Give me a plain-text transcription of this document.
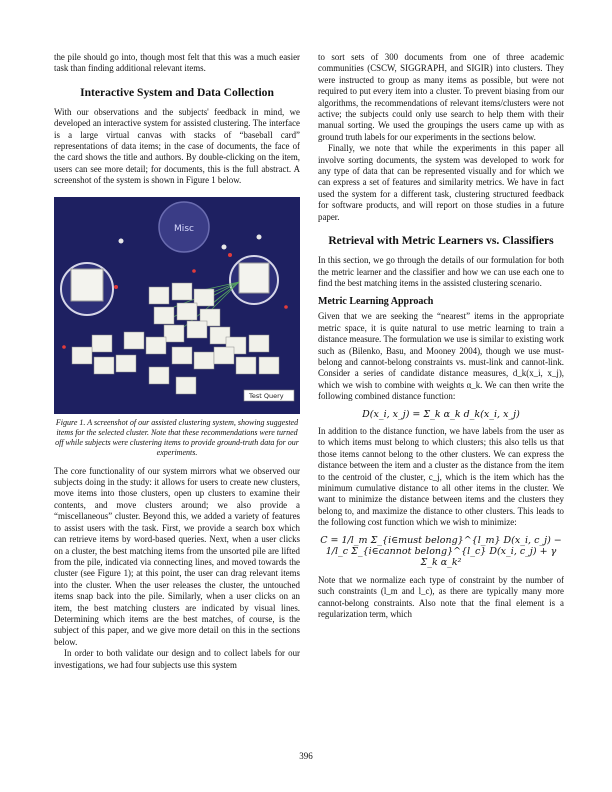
the pile should go into, though most felt that this was a much easier task than finding additional relevant items.

Interactive System and Data Collection

With our observations and the subjects' feedback in mind, we developed an interactive system for assisted clustering. The interface is a large virtual canvas with stacks of “baseball card” representations of data items; in the case of documents, the face of the card shows the title and authors. By double-clicking on the item, users can see more detail; for documents, this is the full abstract. A screenshot of the system is shown in Figure 1 below.

Misc
Test Query

Figure 1. A screenshot of our assisted clustering system, showing suggested items for the selected cluster. Note that these recommendations were turned off while subjects were clustering items to provide ground-truth data for our experiments.

The core functionality of our system mirrors what we observed our subjects doing in the study: it allows for users to create new clusters, move items into those clusters, open up clusters to examine their contents, and move clusters around; we also provide a “miscellaneous” cluster. Beyond this, we added a variety of features to assist users with the task. First, we provide a search box which can retrieve items by word-based queries. Next, when a user clicks on a cluster, the best matching items from the unsorted pile are lifted from the pile, indicated via connecting lines, and moved towards the cluster (see Figure 1); at this point, the user can drag relevant items into the cluster. When the user releases the cluster, the untouched items snap back into the pile. Similarly, when a user clicks on an item, the best matching clusters are indicated by visual lines. Determining which items are the best matches, of course, is the subject of this paper, and we give more detail on this in the sections below.

In order to both validate our design and to collect labels for our investigations, we had four subjects use this system

to sort sets of 300 documents from one of three academic communities (CSCW, SIGGRAPH, and SIGIR) into clusters. They were instructed to group as many items as possible, but were not required to put every item into a cluster. To prevent biasing from our algorithms, the recommendations of relevant items/clusters were not active; the subjects could only use search to help them with their manual sorting. We used the groupings the users came up with as ground truth labels for our experiments in the sections below.

Finally, we note that while the experiments in this paper all involve sorting documents, the system was developed to work for any type of data that can be represented visually and for which we can express a set of features and similarity metrics. We have in fact used the system for a different task, clustering structured feedback for software products, and will report on those studies in a future paper.

Retrieval with Metric Learners vs. Classifiers

In this section, we go through the details of our formulation for both the metric learner and the classifier and how we can use each one to find the best matching items in the assisted clustering scenario.

Metric Learning Approach

Given that we are seeking the “nearest” items in the appropriate metric space, it is quite natural to use metric learning to train a distance measure. The formulation we use is similar to existing work such as (Bilenko, Basu, and Mooney 2004), though we use must-belong and cannot-belong constraints vs. must-link and cannot-link. Consider a series of candidate distance measures, d_k(x_i, x_j), which we wish to combine with weights α_k. We can then write the following combined distance function:

D(x_i, x_j) = Σ_k α_k d_k(x_i, x_j)

In addition to the distance function, we have labels from the user as to which items must belong to which clusters; this also tells us that those items cannot belong to the other clusters. We can express the distance between the item and a cluster as the distance from the item to the centroid of the cluster, c_j, which is the item which has the minimum cumulative distance to all other items in the cluster. We want to minimize the distance between items and the clusters they belong to, and maximize the distance to other clusters. This leads to the following cost function which we wish to minimize:

C = 1/l_m Σ_{i∈must belong}^{l_m} D(x_i, c_j) − 1/l_c Σ_{i∈cannot belong}^{l_c} D(x_i, c_j) + γ Σ_k α_k²

Note that we normalize each type of constraint by the number of such constraints (l_m and l_c), as there are typically many more cannot-belong constraints. Also note that the final element is a regularization term, which

396
